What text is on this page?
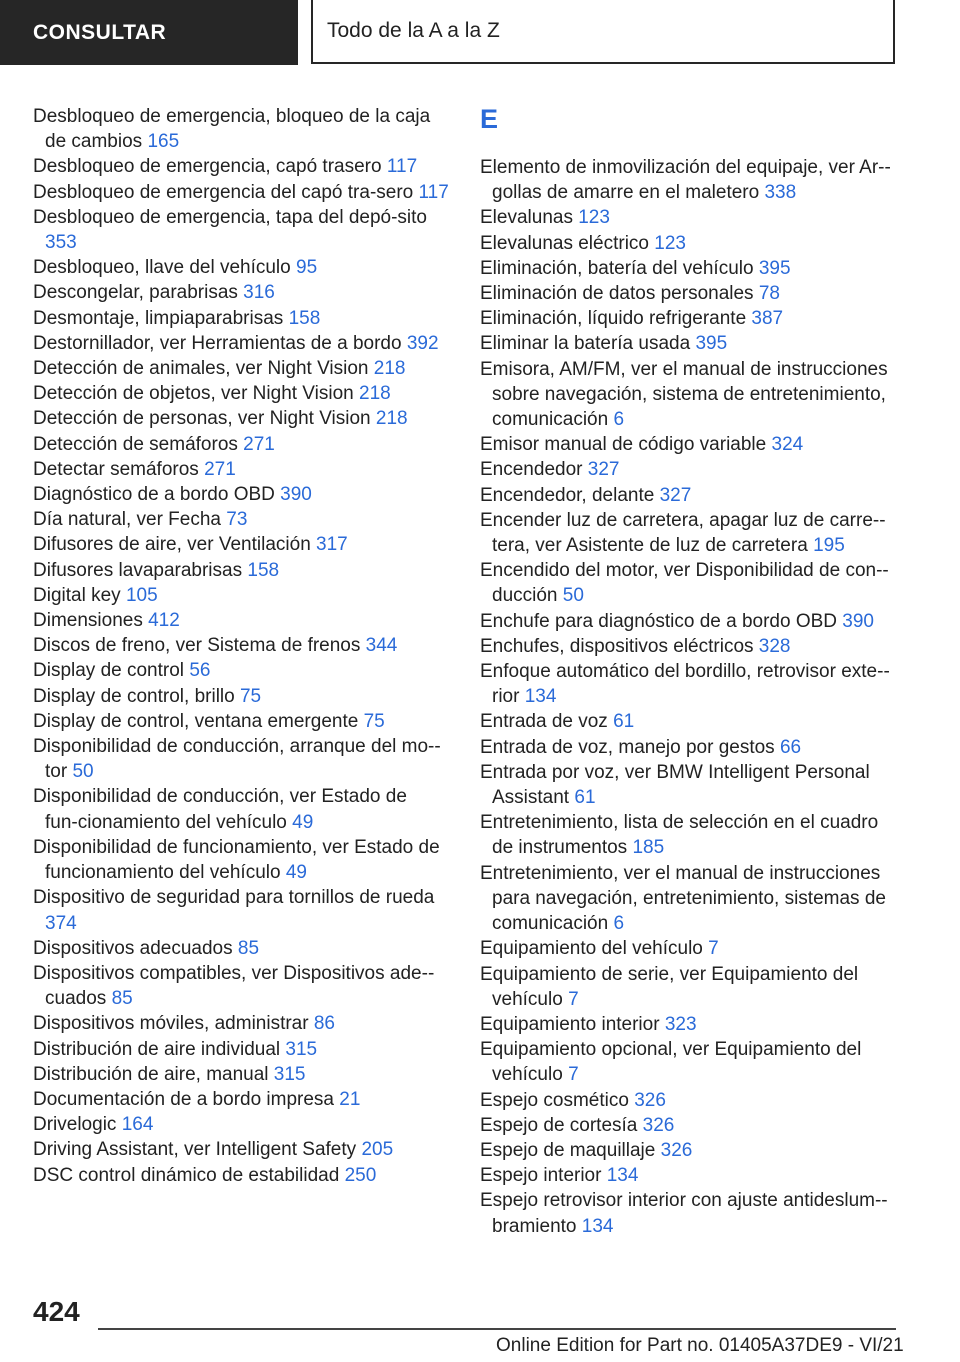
CONSULTAR	Todo de la A a la Z

Desbloqueo de emergencia, bloqueo de la caja de cambios 165

Desbloqueo de emergencia, capó trasero 117

Desbloqueo de emergencia del capó tra-sero 117

Desbloqueo de emergencia, tapa del depó-sito 353

Desbloqueo, llave del vehículo 95

Descongelar, parabrisas 316

Desmontaje, limpiaparabrisas 158

Destornillador, ver Herramientas de a bordo 392

Detección de animales, ver Night Vision 218

Detección de objetos, ver Night Vision 218

Detección de personas, ver Night Vision 218

Detección de semáforos 271

Detectar semáforos 271

Diagnóstico de a bordo OBD 390

Día natural, ver Fecha 73

Difusores de aire, ver Ventilación 317

Difusores lavaparabrisas 158

Digital key 105

Dimensiones 412

Discos de freno, ver Sistema de frenos 344

Display de control 56

Display de control, brillo 75

Display de control, ventana emergente 75

Disponibilidad de conducción, arranque del mo-tor 50

Disponibilidad de conducción, ver Estado de fun-cionamiento del vehículo 49

Disponibilidad de funcionamiento, ver Estado de funcionamiento del vehículo 49

Dispositivo de seguridad para tornillos de rueda 374

Dispositivos adecuados 85

Dispositivos compatibles, ver Dispositivos ade-cuados 85

Dispositivos móviles, administrar 86

Distribución de aire individual 315

Distribución de aire, manual 315

Documentación de a bordo impresa 21

Drivelogic 164

Driving Assistant, ver Intelligent Safety 205

DSC control dinámico de estabilidad 250

E

Elemento de inmovilización del equipaje, ver Ar-gollas de amarre en el maletero 338

Elevalunas 123

Elevalunas eléctrico 123

Eliminación, batería del vehículo 395

Eliminación de datos personales 78

Eliminación, líquido refrigerante 387

Eliminar la batería usada 395

Emisora, AM/FM, ver el manual de instrucciones sobre navegación, sistema de entretenimiento, comunicación 6

Emisor manual de código variable 324

Encendedor 327

Encendedor, delante 327

Encender luz de carretera, apagar luz de carre-tera, ver Asistente de luz de carretera 195

Encendido del motor, ver Disponibilidad de con-ducción 50

Enchufe para diagnóstico de a bordo OBD 390

Enchufes, dispositivos eléctricos 328

Enfoque automático del bordillo, retrovisor exte-rior 134

Entrada de voz 61

Entrada de voz, manejo por gestos 66

Entrada por voz, ver BMW Intelligent Personal Assistant 61

Entretenimiento, lista de selección en el cuadro de instrumentos 185

Entretenimiento, ver el manual de instrucciones para navegación, entretenimiento, sistemas de comunicación 6

Equipamiento del vehículo 7

Equipamiento de serie, ver Equipamiento del vehículo 7

Equipamiento interior 323

Equipamiento opcional, ver Equipamiento del vehículo 7

Espejo cosmético 326

Espejo de cortesía 326

Espejo de maquillaje 326

Espejo interior 134

Espejo retrovisor interior con ajuste antideslum-bramiento 134

424
Online Edition for Part no. 01405A37DE9 - VI/21
